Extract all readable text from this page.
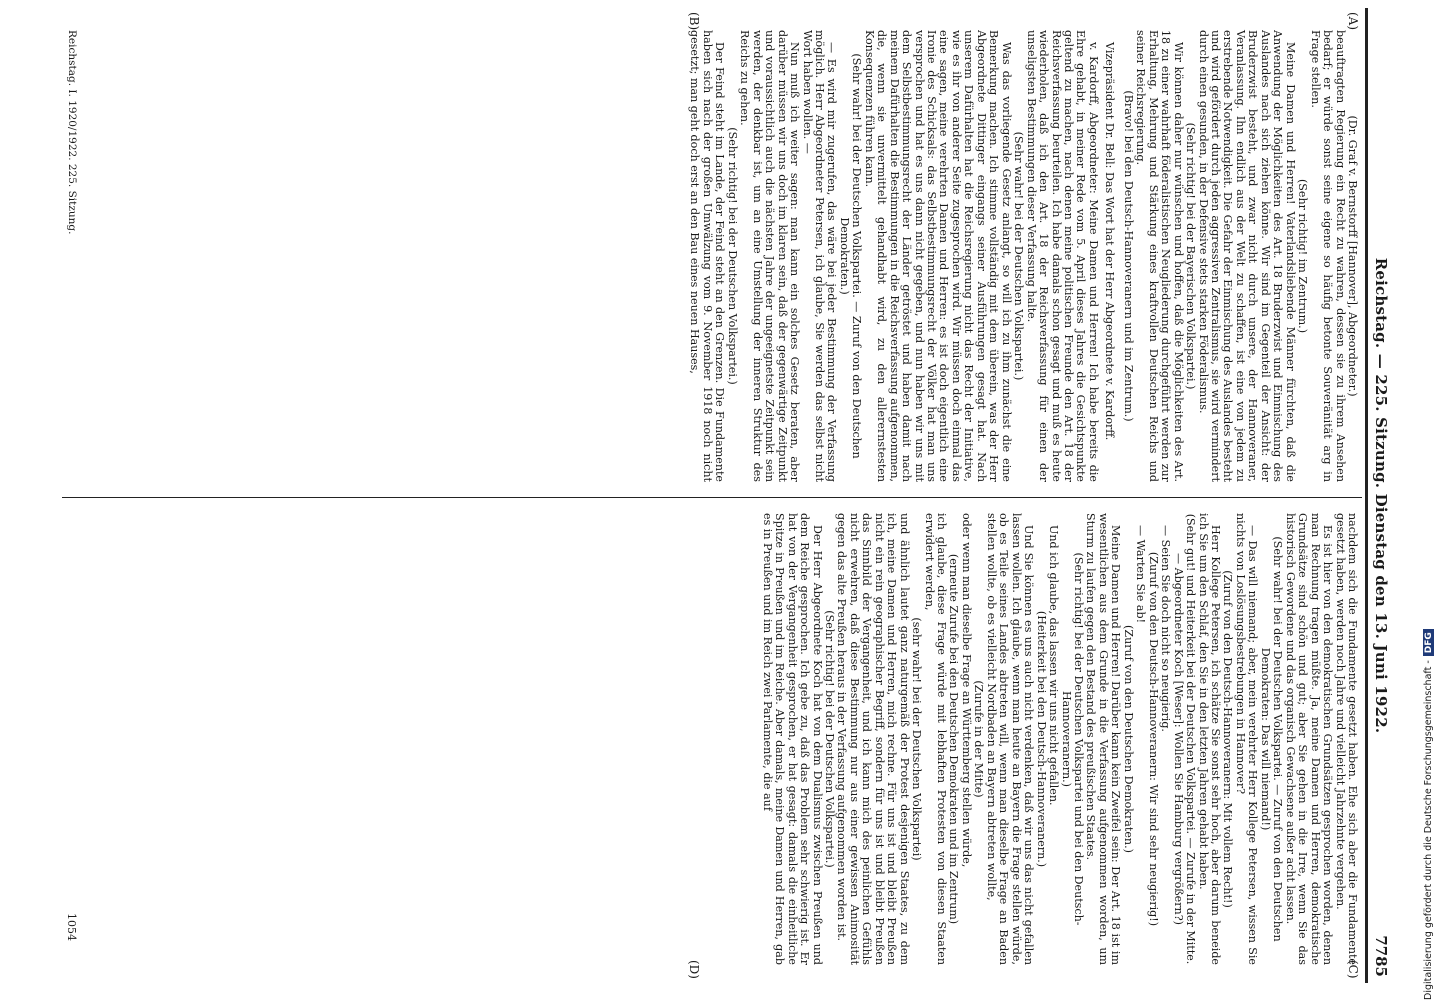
Reichstag. — 225. Sitzung. Dienstag den 13. Juni 1922.
7785
(A)
(B)
(C)
(D)

(Dr. Graf v. Bernstorff [Hannover], Abgeordneter.)

beauftragten Regierung ein Recht zu wahren, dessen sie zu ihrem Ansehen bedarf; er würde sonst seine eigene so häufig betonte Souveränität arg in Frage stellen.

(Sehr richtig! im Zentrum.)

Meine Damen und Herren! Vaterlandsliebende Männer fürchten, daß die Anwendung der Möglichkeiten des Art. 18 Bruderzwist und Einmischung des Auslandes nach sich ziehen könne. Wir sind im Gegenteil der Ansicht: der Bruderzwist besteht, und zwar nicht durch unsere, der Hannoveraner, Veranlassung. Ihn endlich aus der Welt zu schaffen, ist eine von jedem zu erstrebende Notwendigkeit. Die Gefahr der Einmischung des Auslandes besteht und wird gefördert durch jeden aggressiven Zentralismus, sie wird vermindert durch einen gesunden, in der Defensive stets starken Föderalismus.

(Sehr richtig! bei der Bayerischen Volkspartei.)

Wir können daher nur wünschen und hoffen, daß die Möglichkeiten des Art. 18 zu einer wahrhaft föderalistischen Neugliederung durchgeführt werden zur Erhaltung, Mehrung und Stärkung eines kraftvollen Deutschen Reichs und seiner Reichsregierung.

(Bravo! bei den Deutsch-Hannoveranern und im Zentrum.)

Vizepräsident Dr. Bell: Das Wort hat der Herr Abgeordnete v. Kardorff.

v. Kardorff, Abgeordneter: Meine Damen und Herren! Ich habe bereits die Ehre gehabt, in meiner Rede vom 5. April dieses Jahres die Gesichtspunkte geltend zu machen, nach denen meine politischen Freunde den Art. 18 der Reichsverfassung beurteilen. Ich habe damals schon gesagt und muß es heute wiederholen, daß ich den Art. 18 der Reichsverfassung für einen der unseligsten Bestimmungen dieser Verfassung halte.

(Sehr wahr! bei der Deutschen Volkspartei.)

Was das vorliegende Gesetz anlangt, so will ich zu ihm zunächst die eine Bemerkung machen. Ich stimme vollständig mit dem überein, was der Herr Abgeordnete Dittinger eingangs seiner Ausführungen gesagt hat. Nach unserem Dafürhalten hat die Reichsregierung nicht das Recht der Initiative, wie es ihr von anderer Seite zugesprochen wird. Wir müssen doch einmal das eine sagen, meine verehrten Damen und Herren: es ist doch eigentlich eine Ironie des Schicksals: das Selbstbestimmungsrecht der Völker hat man uns versprochen und hat es uns dann nicht gegeben, und nun haben wir uns mit dem Selbstbestimmungsrecht der Länder getröstet und haben damit nach meinem Dafürhalten die Bestimmungen in die Reichsverfassung aufgenommen, die, wenn sie unvermittelt gehandhabt wird, zu den allerernstesten Konsequenzen führen kann.

(Sehr wahr! bei der Deutschen Volkspartei. — Zuruf von den Deutschen Demokraten.)

— Es wird mir zugerufen, das wäre bei jeder Bestimmung der Verfassung möglich. Herr Abgeordneter Petersen, ich glaube, Sie werden das selbst nicht Wort haben wollen. —

Nun muß ich weiter sagen: man kann ein solches Gesetz beraten, aber darüber müssen wir uns doch im klaren sein, daß der gegenwärtige Zeitpunkt und voraussichtlich auch die nächsten Jahre der ungeeignetste Zeitpunkt sein werden, der denkbar ist, um an eine Umstellung der inneren Struktur des Reichs zu gehen.

(Sehr richtig! bei der Deutschen Volkspartei.)

Der Feind steht im Lande, der Feind steht an den Grenzen. Die Fundamente haben sich nach der großen Umwälzung vom 9. November 1918 noch nicht gesetzt; man geht doch erst an den Bau eines neuen Hauses,

nachdem sich die Fundamente gesetzt haben. Ehe sich aber die Fundamente gesetzt haben, werden noch Jahre und vielleicht Jahrzehnte vergehen.

Es ist hier von den demokratischen Grundsätzen gesprochen worden, denen man Rechnung tragen müßte. Ja, meine Damen und Herren, demokratische Grundsätze sind schön und gut; aber Sie gehen in die Irre, wenn Sie das historisch Gewordene und das organisch Gewachsene außer acht lassen.

(Sehr wahr! bei der Deutschen Volkspartei. — Zuruf von den Deutschen Demokraten: Das will niemand!)

— Das will niemand; aber, mein verehrter Herr Kollege Petersen, wissen Sie nichts von Loslösungsbestrebungen in Hannover?

(Zuruf von den Deutsch-Hannoveranern: Mit vollem Recht!)

Herr Kollege Petersen, ich schätze Sie sonst sehr hoch, aber darum beneide ich Sie um den Schlaf, den Sie in den letzten Jahren gehabt haben.

(Sehr gut! und Heiterkeit bei der Deutschen Volkspartei. — Zurufe in der Mitte. — Abgeordneter Koch [Weser]: Wollen Sie Hamburg vergrößern?)

— Seien Sie doch nicht so neugierig.

(Zuruf von den Deutsch-Hannoveranern: Wir sind sehr neugierig!)

— Warten Sie ab!

(Zuruf von den Deutschen Demokraten.)

Meine Damen und Herren! Darüber kann kein Zweifel sein: Der Art. 18 ist im wesentlichen aus dem Grunde in die Verfassung aufgenommen worden, um Sturm zu laufen gegen den Bestand des preußischen Staates.

(Sehr richtig! bei der Deutschen Volkspartei und bei den Deutsch-Hannoveranern.)

Und ich glaube, das lassen wir uns nicht gefallen.

(Heiterkeit bei den Deutsch-Hannoveranern.)

Und Sie können es uns auch nicht verdenken, daß wir uns das nicht gefallen lassen wollen. Ich glaube, wenn man heute an Bayern die Frage stellen würde, ob es Teile seines Landes abtreten will, wenn man dieselbe Frage an Baden stellen wollte, ob es vielleicht Nordbaden an Bayern abtreten wollte,

(Zurufe in der Mitte)

oder wenn man dieselbe Frage an Württemberg stellen würde,

(erneute Zurufe bei den Deutschen Demokraten und im Zentrum)

ich glaube, diese Frage würde mit lebhaften Protesten von diesen Staaten erwidert werden,

(sehr wahr! bei der Deutschen Volkspartei)

und ähnlich lautet ganz naturgemäß der Protest desjenigen Staates, zu dem ich, meine Damen und Herren, mich rechne. Für uns ist und bleibt Preußen nicht ein rein geographischer Begriff, sondern für uns ist und bleibt Preußen das Sinnbild der Vergangenheit, und ich kann mich des peinlichen Gefühls nicht erwehren, daß diese Bestimmung nur aus einer gewissen Animosität gegen das alte Preußen heraus in der Verfassung aufgenommen worden ist.

(Sehr richtig! bei der Deutschen Volkspartei.)

Der Herr Abgeordnete Koch hat von dem Dualismus zwischen Preußen und dem Reiche gesprochen. Ich gebe zu, daß das Problem sehr schwierig ist. Er hat von der Vergangenheit gesprochen, er hat gesagt: damals die einheitliche Spitze in Preußen und im Reiche. Aber damals, meine Damen und Herren, gab es in Preußen und im Reich zwei Parlamente, die auf

Reichstag. I. 1920/1922. 225. Sitzung.
1054	Digitalisierung gefördert durch die Deutsche Forschungsgemeinschaft -DFG
